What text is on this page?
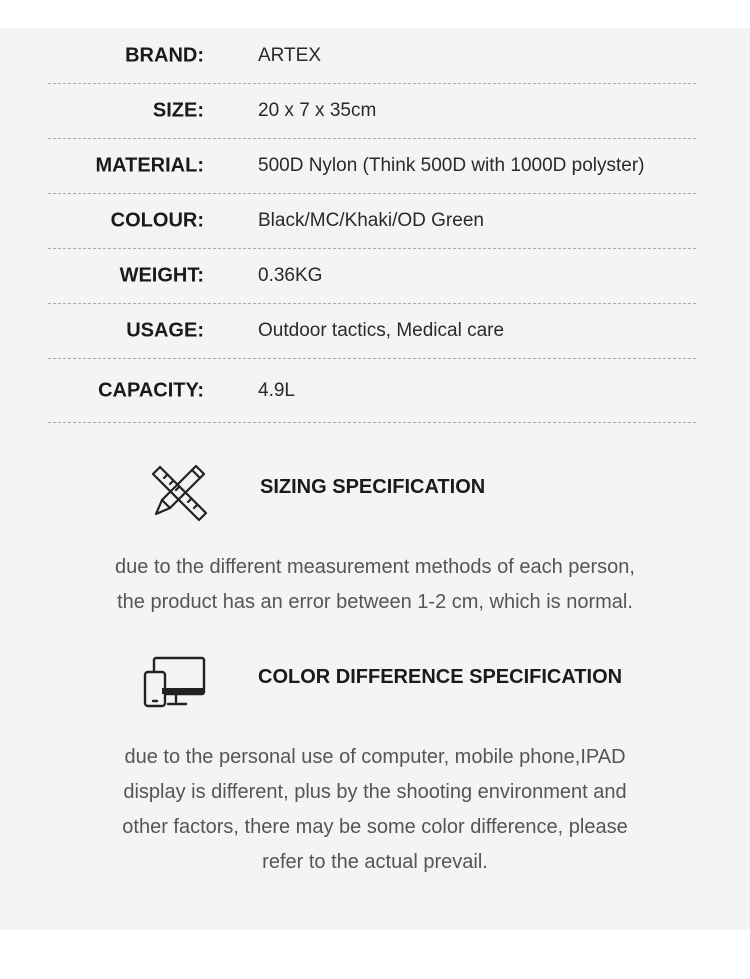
BRAND:	ARTEX
SIZE:	20 x 7 x 35cm
MATERIAL:	500D Nylon (Think 500D with 1000D polyster)
COLOUR:	Black/MC/Khaki/OD Green
WEIGHT:	0.36KG
USAGE:	Outdoor tactics, Medical care
CAPACITY:	4.9L
SIZING SPECIFICATION
due to the different measurement methods of each person,
the product has an error between 1-2 cm, which is normal.
COLOR DIFFERENCE SPECIFICATION
due to the personal use of computer, mobile phone,IPAD
display is different, plus by the shooting environment and
other factors, there may be some color difference, please
refer to the actual prevail.
